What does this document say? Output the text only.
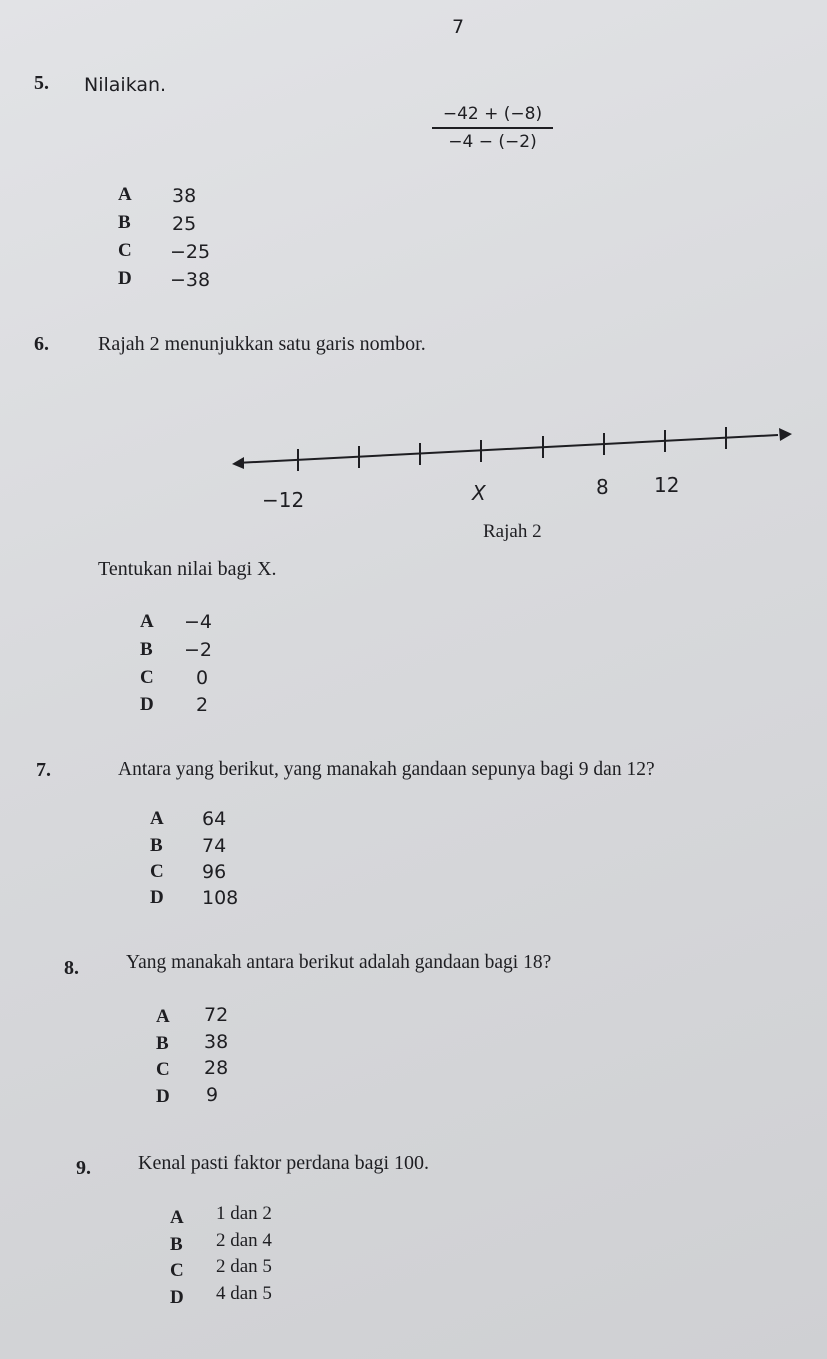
7
5. Nilaikan.
−42 + (−8)
−4 − (−2)
A 38
B 25
C −25
D −38
6. Rajah 2 menunjukkan satu garis nombor.
−12	X	8 12
Rajah 2
Tentukan nilai bagi X.
A −4
B −2
C 0
D 2
7.	Antara yang berikut, yang manakah gandaan sepunya bagi 9 dan 12?
A 64
B 74
C 96
D 108
8. Yang manakah antara berikut adalah gandaan bagi 18?
A 72
B 38
C 28
D 9
9. Kenal pasti faktor perdana bagi 100.
A 1 dan 2
B 2 dan 4
C 2 dan 5
D 4 dan 5
